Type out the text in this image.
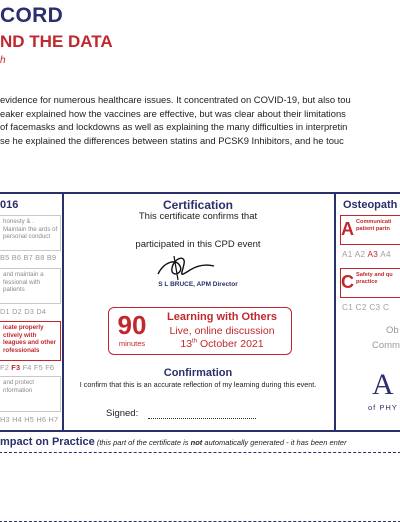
CORD
ND THE DATA
h
evidence for numerous healthcare issues. It concentrated on COVID-19, but also tou
eaker explained how the vaccines are effective, but was clear about their limitations
of facemasks and lockdowns as well as explaining the many difficulties in interpretin
se he explained the differences between statins and PCSK9 Inhibitors, and he touc
016
honesty & . Maintain the ards of personal conduct
B5 B6 B7 B8 B9
and maintain a fessional with patients
D1 D2 D3 D4
icate properly ctively with leagues and other rofessionals
F2 F3 F4 F5 F6
and protect nformation
H3 H4 H5 H6 H7
Certification
This certificate confirms that
participated in this CPD event
S L BRUCE, APM Director
90
minutes
Learning with Others
Live, online discussion
13th October 2021
Confirmation
I confirm that this is an accurate reflection of my learning during this event.
Signed:
Osteopath
A Communicati
patient partn
A1 A2 A3 A4
C Safety and qu
practice
C1 C2 C3 C
Ob
Comm
A
of PHY
mpact on Practice (this part of the certificate is not automatically generated - it has been enter
